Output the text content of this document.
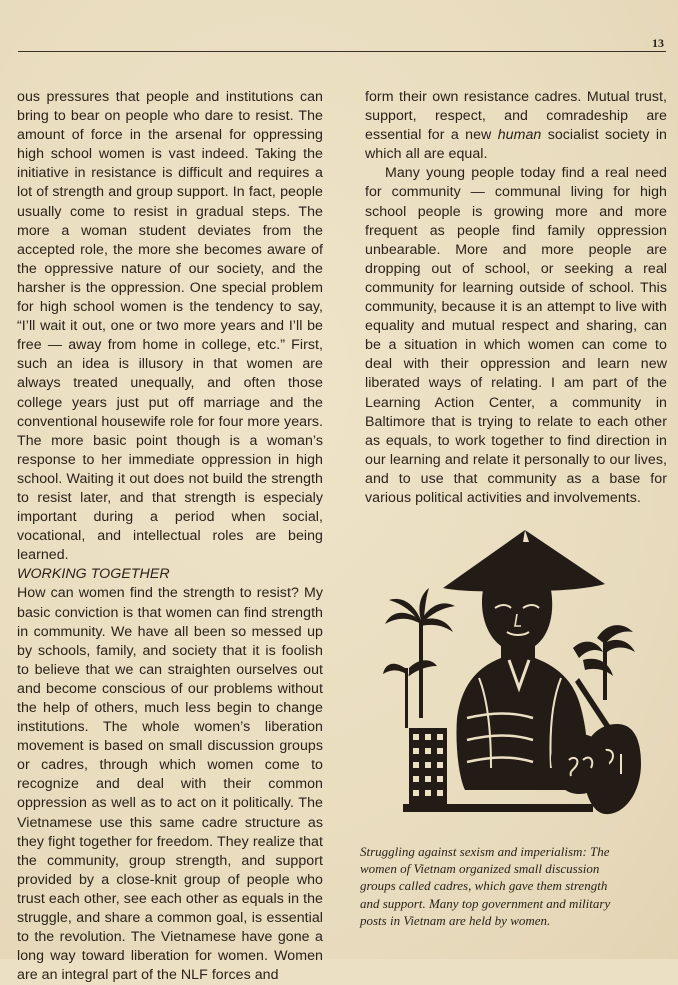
13

ous pressures that people and institutions can bring to bear on people who dare to resist. The amount of force in the arsenal for oppressing high school women is vast indeed. Taking the initiative in resistance is difficult and requires a lot of strength and group support. In fact, people usually come to resist in gradual steps. The more a woman student deviates from the accepted role, the more she becomes aware of the oppressive nature of our society, and the harsher is the oppression. One special problem for high school women is the tendency to say, “I’ll wait it out, one or two more years and I’ll be free — away from home in college, etc.” First, such an idea is illusory in that women are always treated unequally, and often those college years just put off marriage and the conventional housewife role for four more years. The more basic point though is a woman’s response to her immediate oppression in high school. Waiting it out does not build the strength to resist later, and that strength is especialy important during a period when social, vocational, and intellectual roles are being learned.

WORKING TOGETHER

How can women find the strength to resist? My basic conviction is that women can find strength in community. We have all been so messed up by schools, family, and society that it is foolish to believe that we can straighten ourselves out and become conscious of our problems without the help of others, much less begin to change institutions. The whole women’s liberation movement is based on small discussion groups or cadres, through which women come to recognize and deal with their common oppression as well as to act on it politically. The Vietnamese use this same cadre structure as they fight together for freedom. They realize that the community, group strength, and support provided by a close-knit group of people who trust each other, see each other as equals in the struggle, and share a common goal, is essential to the revolution. The Vietnamese have gone a long way toward liberation for women. Women are an integral part of the NLF forces and

form their own resistance cadres. Mutual trust, support, respect, and comradeship are essential for a new human socialist society in which all are equal.

Many young people today find a real need for community — communal living for high school people is growing more and more frequent as people find family oppression unbearable. More and more people are dropping out of school, or seeking a real community for learning outside of school. This community, because it is an attempt to live with equality and mutual respect and sharing, can be a situation in which women can come to deal with their oppression and learn new liberated ways of relating. I am part of the Learning Action Center, a community in Baltimore that is trying to relate to each other as equals, to work together to find direction in our learning and relate it personally to our lives, and to use that community as a base for various political activities and involvements.

Struggling against sexism and imperialism: The
women of Vietnam organized small discussion
groups called cadres, which gave them strength
and support. Many top government and military
posts in Vietnam are held by women.
